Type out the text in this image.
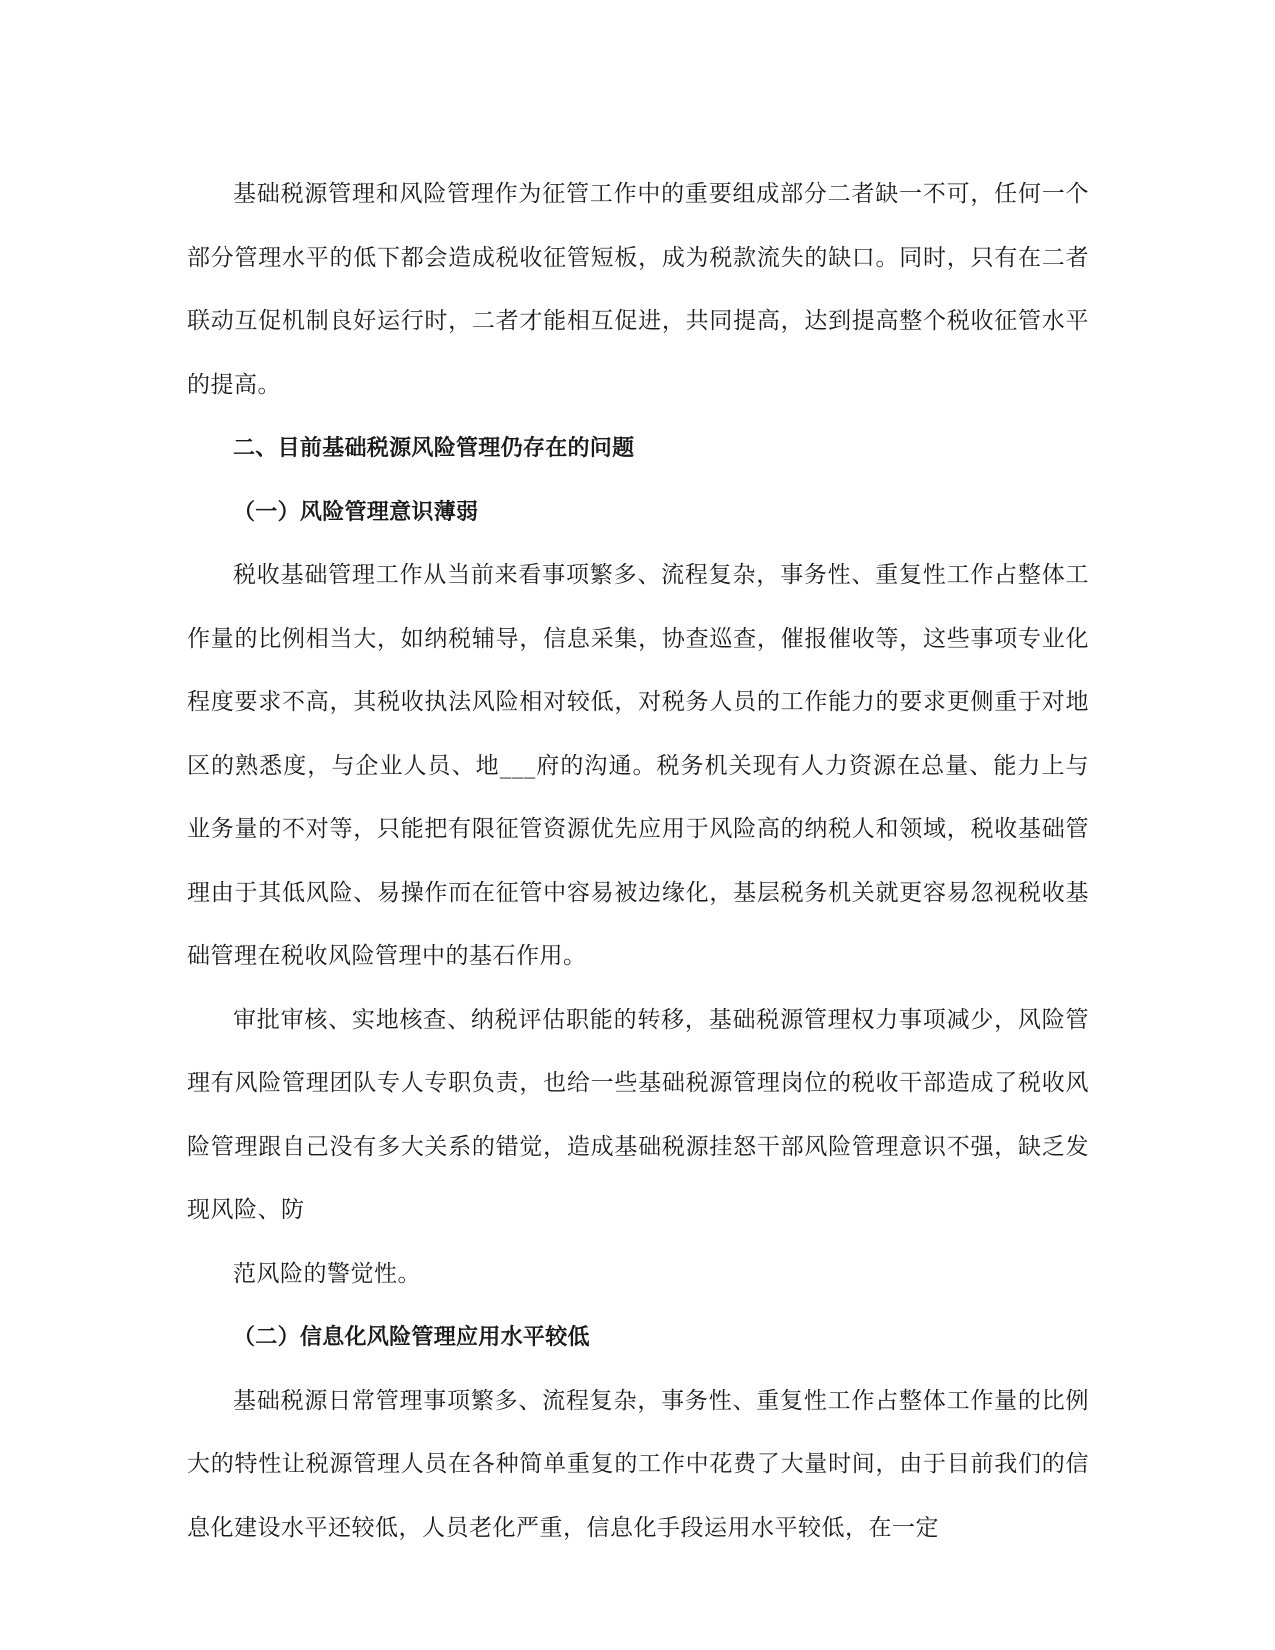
基础税源管理和风险管理作为征管工作中的重要组成部分二者缺一不可，任何一个部分管理水平的低下都会造成税收征管短板，成为税款流失的缺口。同时，只有在二者联动互促机制良好运行时，二者才能相互促进，共同提高，达到提高整个税收征管水平的提高。

二、目前基础税源风险管理仍存在的问题

（一）风险管理意识薄弱

税收基础管理工作从当前来看事项繁多、流程复杂，事务性、重复性工作占整体工作量的比例相当大，如纳税辅导，信息采集，协查巡查，催报催收等，这些事项专业化程度要求不高，其税收执法风险相对较低，对税务人员的工作能力的要求更侧重于对地区的熟悉度，与企业人员、地___府的沟通。税务机关现有人力资源在总量、能力上与业务量的不对等，只能把有限征管资源优先应用于风险高的纳税人和领域，税收基础管理由于其低风险、易操作而在征管中容易被边缘化，基层税务机关就更容易忽视税收基础管理在税收风险管理中的基石作用。

审批审核、实地核查、纳税评估职能的转移，基础税源管理权力事项减少，风险管理有风险管理团队专人专职负责，也给一些基础税源管理岗位的税收干部造成了税收风险管理跟自己没有多大关系的错觉，造成基础税源挂怒干部风险管理意识不强，缺乏发现风险、防

范风险的警觉性。

（二）信息化风险管理应用水平较低

基础税源日常管理事项繁多、流程复杂，事务性、重复性工作占整体工作量的比例大的特性让税源管理人员在各种简单重复的工作中花费了大量时间，由于目前我们的信息化建设水平还较低，人员老化严重，信息化手段运用水平较低，在一定
